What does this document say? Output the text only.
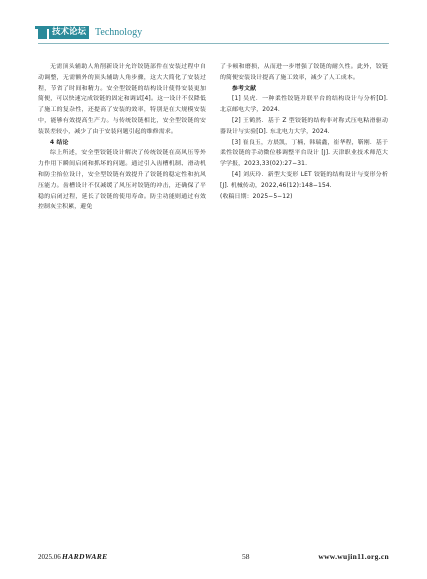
技术论坛 Technology

无需顶头辅助人角削新设计允许铰链部件在安装过程中自动调整，无需额外的顶头辅助人角步骤，这大大简化了安装过程，节省了时间和精力。安全型铰链的结构设计使得安装更加简便，可以快速完成铰链的固定和调试[4]。这一设计不仅降低了施工的复杂性，还提高了安装的效率，特别是在大规模安装中，能够有效提高生产力。与传统铰链相比，安全型铰链的安装误差较小，减少了由于安装问题引起的维修需求。

4 结论

综上所述，安全型铰链设计解决了传统铰链在高风压等外力作用下瞬间启闭和抓坏的问题。通过引入齿槽机制、滑动机和防尘抬位设计，安全型铰链有效提升了铰链的稳定性和抗风压能力。齿槽设计不仅减缓了风压对铰链的冲击，还确保了平稳的启闭过程，延长了铰链的使用寿命。防尘功能则通过有效控制灰尘积累，避免

了卡顿和磨损，从而进一步增强了铰链的耐久性。此外，铰链的简便安装设计提高了施工效率，减少了人工成本。

参考文献

[1] 吴虎．一种柔性铰链并联平台的结构设计与分析[D]. 北京邮电大学，2024.

[2] 王鹤然．基于 Z 型铰链的结构非对称式压电粘滑驱动器设计与实验[D]. 东北电力大学，2024.

[3] 崔良玉，方晨凯，丁楠，韩瑞鑫，崔华程，靳刚．基于柔性铰链的手动微位移调整平台设计 [J]. 天津职业技术师范大学学报，2023,33(02):27−31.

[4] 刘庆玲．新型大变形 LET 铰链的结构设计与变形分析 [J]. 机械传动，2022,46(12):148−154.

(收稿日期：2025−5−12)

2025.06 HARDWARE	58	www.wujin11.org.cn
